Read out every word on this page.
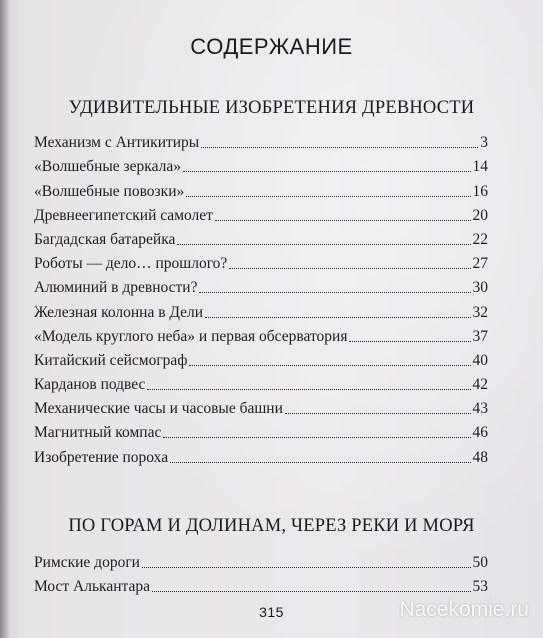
СОДЕРЖАНИЕ
УДИВИТЕЛЬНЫЕ ИЗОБРЕТЕНИЯ ДРЕВНОСТИ
Механизм с Антикитиры	3
«Волшебные зеркала»	14
«Волшебные повозки»	16
Древнеегипетский самолет	20
Багдадская батарейка	22
Роботы — дело… прошлого?	27
Алюминий в древности?	30
Железная колонна в Дели	32
«Модель круглого неба» и первая обсерватория	37
Китайский сейсмограф	40
Карданов подвес	42
Механические часы и часовые башни	43
Магнитный компас	46
Изобретение пороха	48
ПО ГОРАМ И ДОЛИНАМ, ЧЕРЕЗ РЕКИ И МОРЯ
Римские дороги	50
Мост Алькантара	53
315	Nacekomie.ru
